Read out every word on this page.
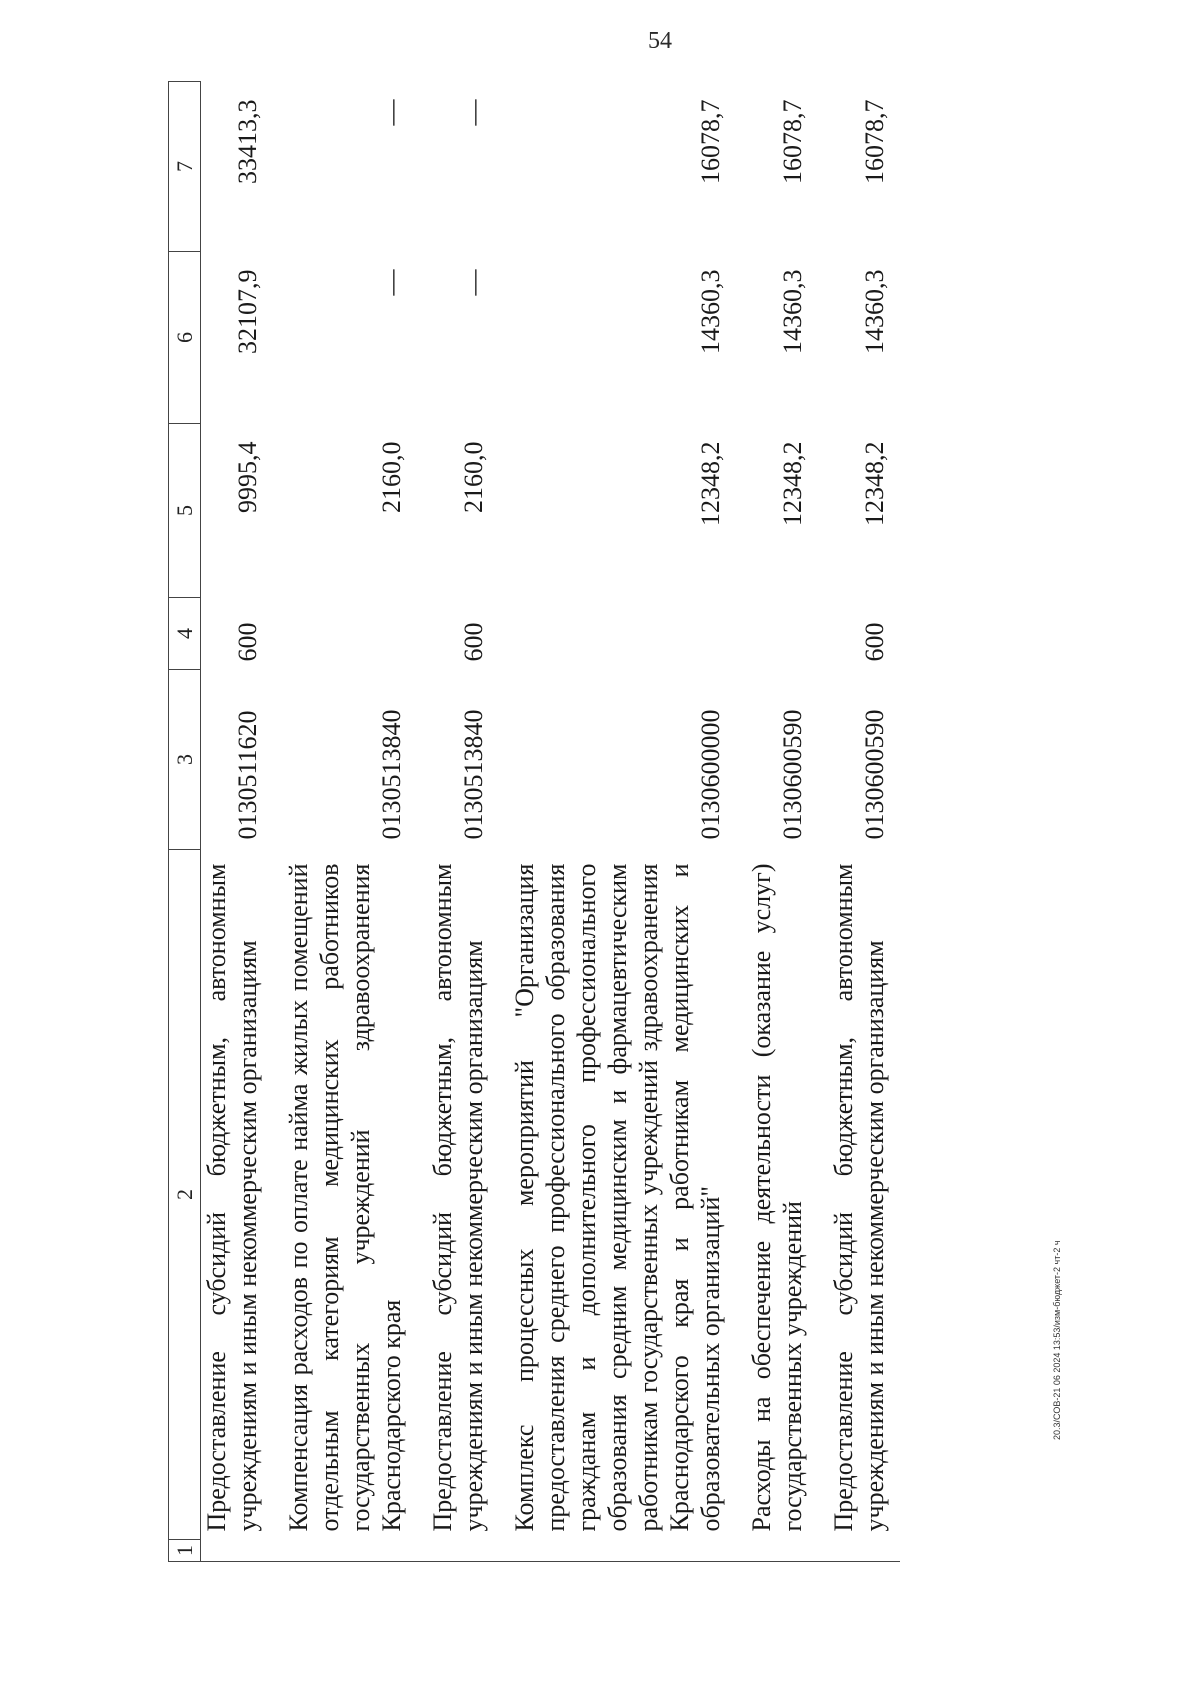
54
1	2	3	4	5	6	7
	Предоставление субсидий бюджетным, автономным учреждениям и иным некоммерческим организациям	0130511620	600	9995,4	32107,9	33413,3
	Компенсация расходов по оплате найма жилых помещений отдельным категориям медицинских работников государственных учреждений здравоохранения Краснодарского края	0130513840		2160,0	—	—
	Предоставление субсидий бюджетным, автономным учреждениям и иным некоммерческим организациям	0130513840	600	2160,0	—	—
	Комплекс процессных мероприятий "Организация предоставления среднего профессионального образования гражданам и дополнительного профессионального образования средним медицинским и фармацевтическим работникам государственных учреждений здравоохранения Краснодарского края и работникам медицинских и образовательных организаций"	0130600000		12348,2	14360,3	16078,7
	Расходы на обеспечение деятельности (оказание услуг) государственных учреждений	0130600590		12348,2	14360,3	16078,7
	Предоставление субсидий бюджетным, автономным учреждениям и иным некоммерческим организациям	0130600590	600	12348,2	14360,3	16078,7
20.3/СОВ-21 06 2024 13:53/изм-бюджет-2 чт-2 ч
